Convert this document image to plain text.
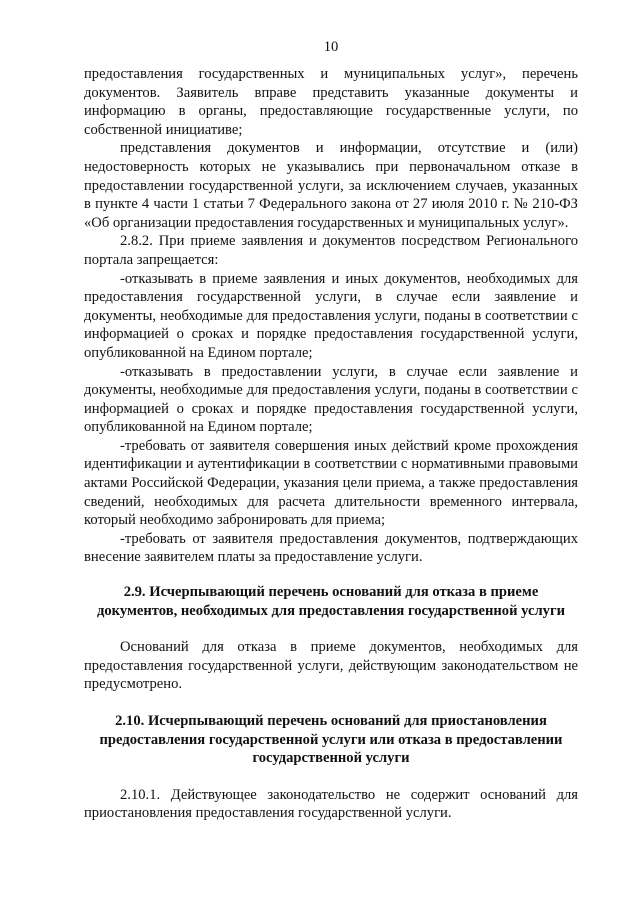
10

предоставления государственных и муниципальных услуг», перечень документов. Заявитель вправе представить указанные документы и информацию в органы, предоставляющие государственные услуги, по собственной инициативе;

представления документов и информации, отсутствие и (или) недостоверность которых не указывались при первоначальном отказе в предоставлении государственной услуги, за исключением случаев, указанных в пункте 4 части 1 статьи 7 Федерального закона от 27 июля 2010 г. № 210-ФЗ «Об организации предоставления государственных и муниципальных услуг».

2.8.2. При приеме заявления и документов посредством Регионального портала запрещается:

-отказывать в приеме заявления и иных документов, необходимых для предоставления государственной услуги, в случае если заявление и документы, необходимые для предоставления услуги, поданы в соответствии с информацией о сроках и порядке предоставления государственной услуги, опубликованной на Едином портале;

-отказывать в предоставлении услуги, в случае если заявление и документы, необходимые для предоставления услуги, поданы в соответствии с информацией о сроках и порядке предоставления государственной услуги, опубликованной на Едином портале;

-требовать от заявителя совершения иных действий кроме прохождения идентификации и аутентификации в соответствии с нормативными правовыми актами Российской Федерации, указания цели приема, а также предоставления сведений, необходимых для расчета длительности временного интервала, который необходимо забронировать для приема;

-требовать от заявителя предоставления документов, подтверждающих внесение заявителем платы за предоставление услуги.

2.9. Исчерпывающий перечень оснований для отказа в приеме документов, необходимых для предоставления государственной услуги

Оснований для отказа в приеме документов, необходимых для предоставления государственной услуги, действующим законодательством не предусмотрено.

2.10. Исчерпывающий перечень оснований для приостановления предоставления государственной услуги или отказа в предоставлении государственной услуги

2.10.1. Действующее законодательство не содержит оснований для приостановления предоставления государственной услуги.
